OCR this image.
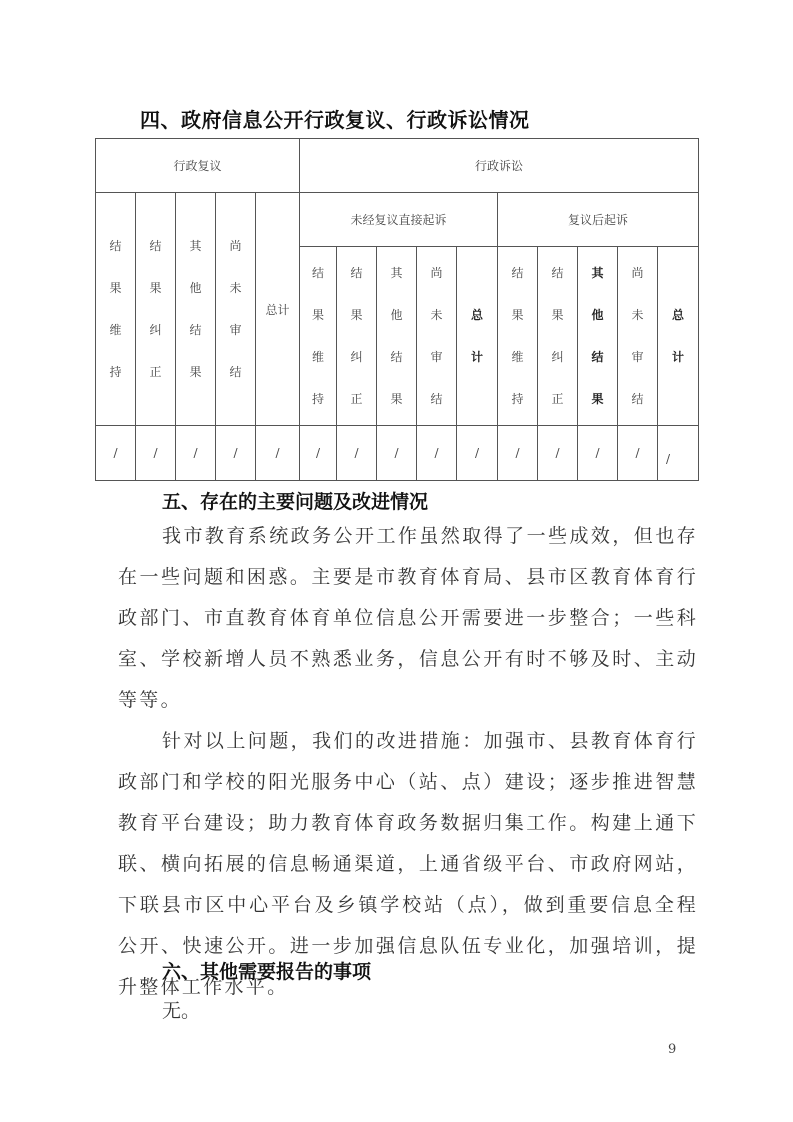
四、政府信息公开行政复议、行政诉讼情况
行政复议					行政诉讼									
结果维持	结果纠正	其他结果	尚未审结	总计	未经复议直接起诉					复议后起诉				
					结果维持	结果纠正	其他结果	尚未审结	总计	结果维持	结果纠正	其他结果	尚未审结	总计
/	/	/	/	/	/	/	/	/	/	/	/	/	/	/
五、存在的主要问题及改进情况

我市教育系统政务公开工作虽然取得了一些成效，但也存在一些问题和困惑。主要是市教育体育局、县市区教育体育行政部门、市直教育体育单位信息公开需要进一步整合；一些科室、学校新增人员不熟悉业务，信息公开有时不够及时、主动等等。

针对以上问题，我们的改进措施：加强市、县教育体育行政部门和学校的阳光服务中心（站、点）建设；逐步推进智慧教育平台建设；助力教育体育政务数据归集工作。构建上通下联、横向拓展的信息畅通渠道，上通省级平台、市政府网站，下联县市区中心平台及乡镇学校站（点），做到重要信息全程公开、快速公开。进一步加强信息队伍专业化，加强培训，提升整体工作水平。

六、其他需要报告的事项
无。
9
